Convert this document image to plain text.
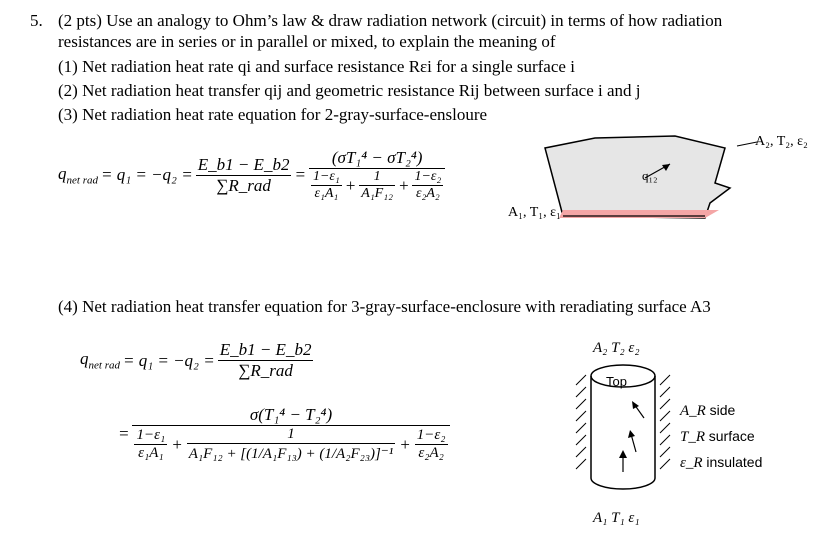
5. (2 pts) Use an analogy to Ohm’s law & draw radiation network (circuit) in terms of how radiation
resistances are in series or in parallel or mixed, to explain the meaning of
(1) Net radiation heat rate qi and surface resistance Rεi for a single surface i
(2) Net radiation heat transfer qij and geometric resistance Rij between surface i and j
(3) Net radiation heat rate equation for 2-gray-surface-ensloure
$q_{net rad} = q_1 = -q_2 = \frac{E\_b1 - E\_b2}{\text{∑R\_rad}} = \frac{\text{(σT₁⁴ − σT₂⁴)}}{\frac{\text{1−ε₁}}{\text{ε₁A₁}} + \frac{1}{\text{A₁F₁₂}} + \frac{\text{1−ε₂}}{\text{ε₂A₂}}}$
A₂, T₂, ε₂
q₁₂
A₁, T₁, ε₁
(4) Net radiation heat transfer equation for 3-gray-surface-enclosure with reradiating surface A3
$q_{net rad} = q_1 = -q_2 = \frac{E\_b1 - E\_b2}{\text{∑R\_rad}}$
=
σ(T₁⁴ − T₂⁴)
$\frac{\text{1−ε₁}}{\text{ε₁A₁}} + \frac{1}{\text{A₁F₁₂ + [(1/A₁F₁₃) + (1/A₂F₂₃)]⁻¹}} + \frac{\text{1−ε₂}}{\text{ε₂A₂}}$
A₂ T₂ ε₂
Top
A₁ T₁ ε₁
A_R side
T_R surface
ε_R insulated
